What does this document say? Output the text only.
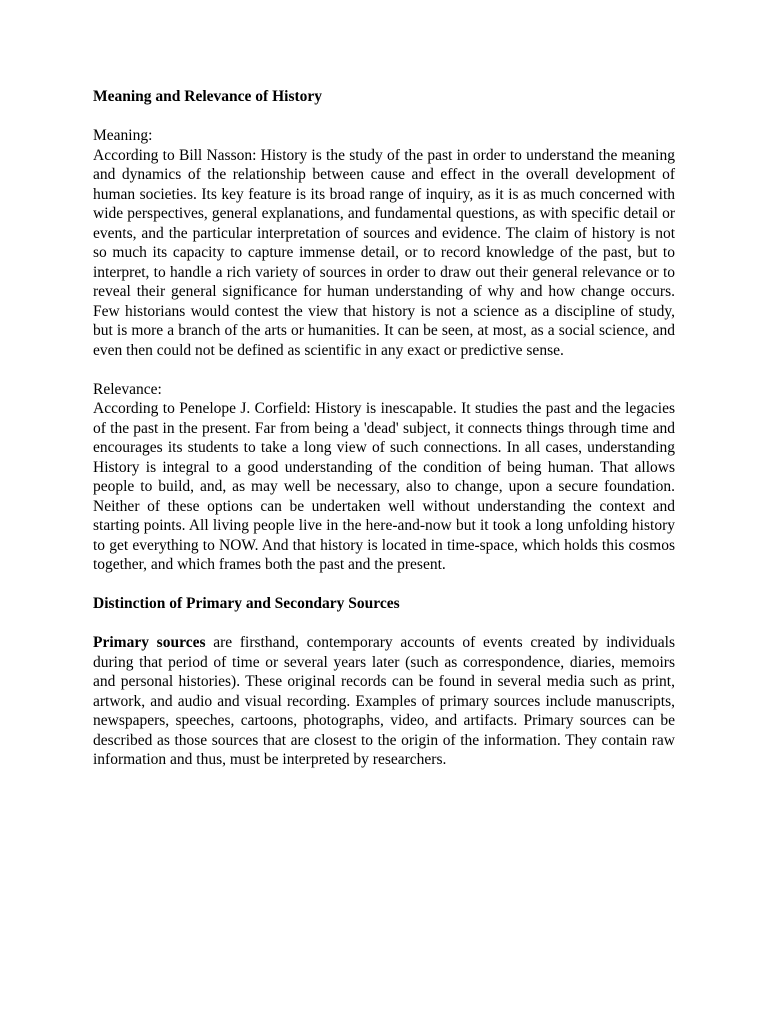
Meaning and Relevance of History

Meaning:

According to Bill Nasson: History is the study of the past in order to understand the meaning and dynamics of the relationship between cause and effect in the overall development of human societies. Its key feature is its broad range of inquiry, as it is as much concerned with wide perspectives, general explanations, and fundamental questions, as with specific detail or events, and the particular interpretation of sources and evidence. The claim of history is not so much its capacity to capture immense detail, or to record knowledge of the past, but to interpret, to handle a rich variety of sources in order to draw out their general relevance or to reveal their general significance for human understanding of why and how change occurs. Few historians would contest the view that history is not a science as a discipline of study, but is more a branch of the arts or humanities. It can be seen, at most, as a social science, and even then could not be defined as scientific in any exact or predictive sense.

Relevance:

According to Penelope J. Corfield: History is inescapable. It studies the past and the legacies of the past in the present. Far from being a 'dead' subject, it connects things through time and encourages its students to take a long view of such connections. In all cases, understanding History is integral to a good understanding of the condition of being human. That allows people to build, and, as may well be necessary, also to change, upon a secure foundation. Neither of these options can be undertaken well without understanding the context and starting points. All living people live in the here-and-now but it took a long unfolding history to get everything to NOW. And that history is located in time-space, which holds this cosmos together, and which frames both the past and the present.

Distinction of Primary and Secondary Sources

Primary sources are firsthand, contemporary accounts of events created by individuals during that period of time or several years later (such as correspondence, diaries, memoirs and personal histories). These original records can be found in several media such as print, artwork, and audio and visual recording. Examples of primary sources include manuscripts, newspapers, speeches, cartoons, photographs, video, and artifacts. Primary sources can be described as those sources that are closest to the origin of the information. They contain raw information and thus, must be interpreted by researchers.
